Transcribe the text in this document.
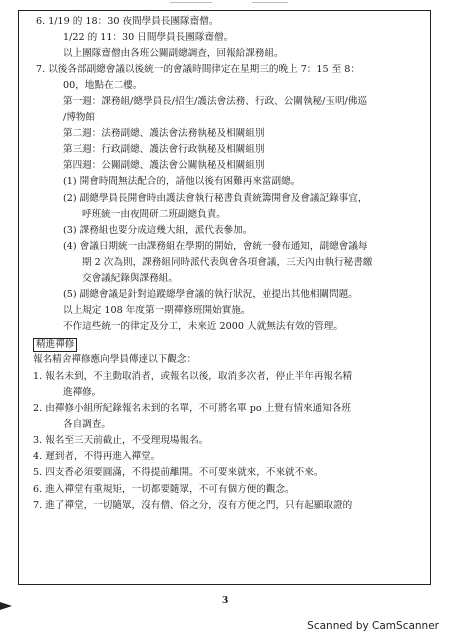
6. 1/19 的 18：30 夜間學員長團隊齋僧。
1/22 的 11：30 日間學員長團隊齋僧。
以上團隊齋僧由各班公關副總調查，回報給課務組。
7. 以後各部副總會議以後統一的會議時間律定在星期三的晚上 7：15 至 8：
00，地點在二樓。
第一週：課務組/總學員長/招生/護法會法務、行政、公關執秘/玉明/佛巡
/博物館
第二週：法務副總、護法會法務執秘及相關組別
第三週：行政副總、護法會行政執秘及相關組別
第四週：公關副總、護法會公關執秘及相關組別
(1) 開會時間無法配合的，請他以後有困難再來當副總。
(2) 副總學員長開會時由護法會執行秘書負責統籌開會及會議記錄事宜，
呼班統一由夜間研二班副總負責。
(3) 課務組也要分成這幾大組，派代表參加。
(4) 會議日期統一由課務組在學期的開始，會統一發布通知，副總會議每
期 2 次為則，課務組同時派代表與會各項會議，三天內由執行秘書繳
交會議紀錄與課務組。
(5) 副總會議是針對追蹤總學會議的執行狀況，並提出其他相關問題。
以上規定 108 年度第一期禪修班開始實施。
不作這些統一的律定及分工，未來近 2000 人就無法有效的管理。
精進禪修
報名精舍禪修應向學員傳達以下觀念：
1. 報名未到，不主動取消者，或報名以後，取消多次者，停止半年再報名精
進禪修。
2. 由禪修小組所紀錄報名未到的名單，不可將名單 po 上覺有情來通知各班
各自調查。
3. 報名至三天前截止，不受理現場報名。
4. 遲到者，不得再進入禪堂。
5. 四支香必須要圓滿，不得提前離開。不可要來就來，不來就不來。
6. 進入禪堂有重規矩，一切都要隨眾，不可有個方便的觀念。
7. 進了禪堂，一切隨眾，沒有僧、俗之分，沒有方便之門，只有起顯取證的
3
Scanned by CamScanner
